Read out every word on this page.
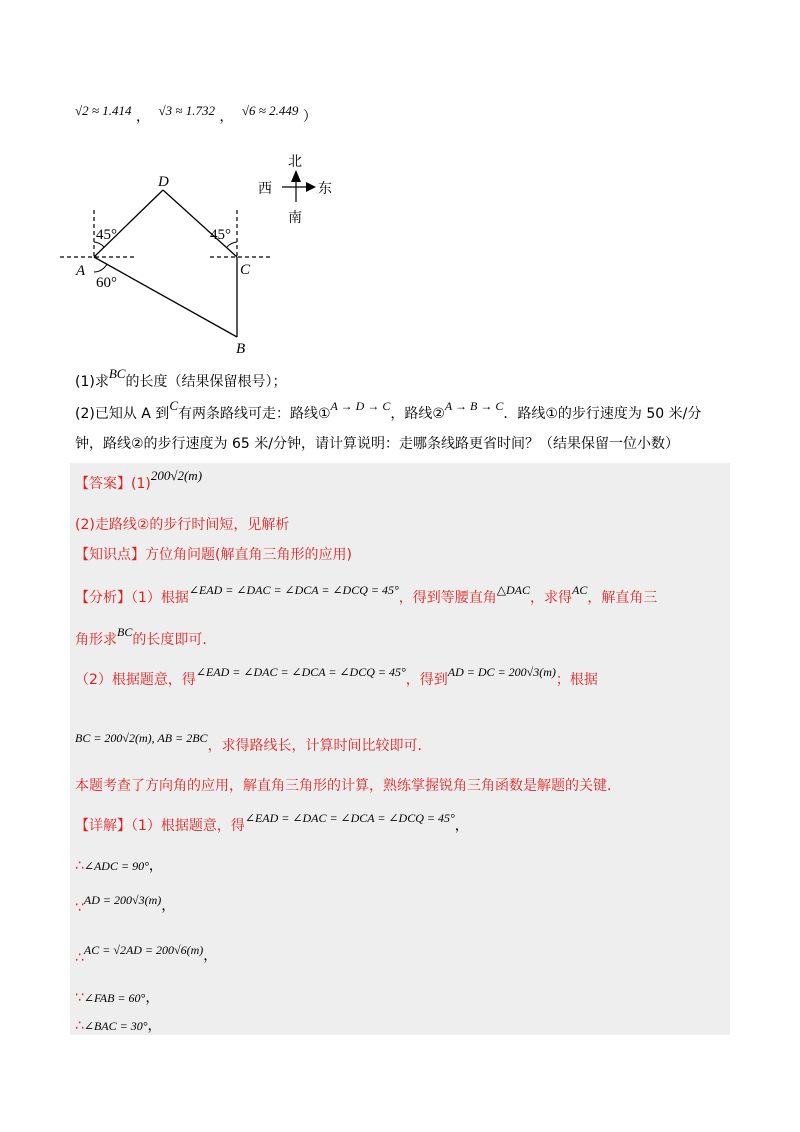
√2 ≈ 1.414 ， √3 ≈ 1.732 ， √6 ≈ 2.449 ）
D
A	C
B
45°	45°
60°
北
西	东
南
(1)求BC的长度（结果保留根号）；
(2)已知从 A 到C有两条路线可走：路线①A → D → C，路线②A → B → C．路线①的步行速度为 50 米/分
钟，路线②的步行速度为 65 米/分钟，请计算说明：走哪条线路更省时间？（结果保留一位小数）
【答案】(1)200√2(m)
(2)走路线②的步行时间短，见解析
【知识点】方位角问题(解直角三角形的应用)
【分析】（1）根据∠EAD = ∠DAC = ∠DCA = ∠DCQ = 45°，得到等腰直角△DAC，求得AC，解直角三
角形求BC的长度即可．
（2）根据题意，得∠EAD = ∠DAC = ∠DCA = ∠DCQ = 45°，得到AD = DC = 200√3(m)；根据
BC = 200√2(m), AB = 2BC，求得路线长，计算时间比较即可．
本题考查了方向角的应用，解直角三角形的计算，熟练掌握锐角三角函数是解题的关键．
【详解】（1）根据题意，得∠EAD = ∠DAC = ∠DCA = ∠DCQ = 45°，
∴∠ADC = 90°，
∵AD = 200√3(m)，
∴AC = √2AD = 200√6(m)，
∵∠FAB = 60°，
∴∠BAC = 30°，
